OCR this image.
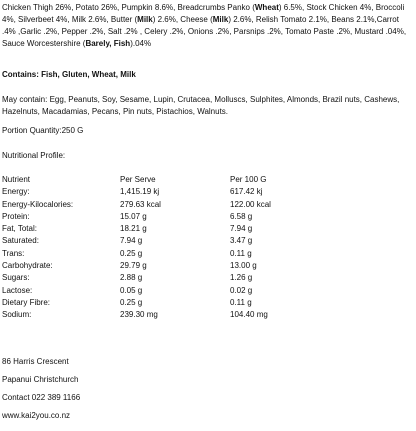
Chicken Thigh 26%, Potato 26%, Pumpkin 8.6%, Breadcrumbs Panko (Wheat) 6.5%, Stock Chicken 4%, Broccoli 4%, Silverbeet 4%, Milk 2.6%, Butter (Milk) 2.6%, Cheese (Milk) 2.6%, Relish Tomato 2.1%, Beans 2.1%,Carrot .4% ,Garlic .2%, Pepper .2%, Salt .2% , Celery .2%, Onions .2%, Parsnips .2%, Tomato Paste .2%, Mustard .04%, Sauce Worcestershire (Barely, Fish).04%

Contains: Fish, Gluten, Wheat, Milk
May contain: Egg, Peanuts, Soy, Sesame, Lupin, Crutacea, Molluscs, Sulphites, Almonds, Brazil nuts, Cashews, Hazelnuts, Macadamias, Pecans, Pin nuts, Pistachios, Walnuts.
Portion Quantity:250 G
Nutritional Profile:
Nutrient	Per Serve	Per 100 G
Energy:	1,415.19 kj	617.42 kj
Energy-Kilocalories:	279.63 kcal	122.00 kcal
Protein:	15.07 g	6.58 g
Fat, Total:	18.21 g	7.94 g
Saturated:	7.94 g	3.47 g
Trans:	0.25 g	0.11 g
Carbohydrate:	29.79 g	13.00 g
Sugars:	2.88 g	1.26 g
Lactose:	0.05 g	0.02 g
Dietary Fibre:	0.25 g	0.11 g
Sodium:	239.30 mg	104.40 mg
86 Harris Crescent
Papanui Christchurch
Contact 022 389 1166
www.kai2you.co.nz
